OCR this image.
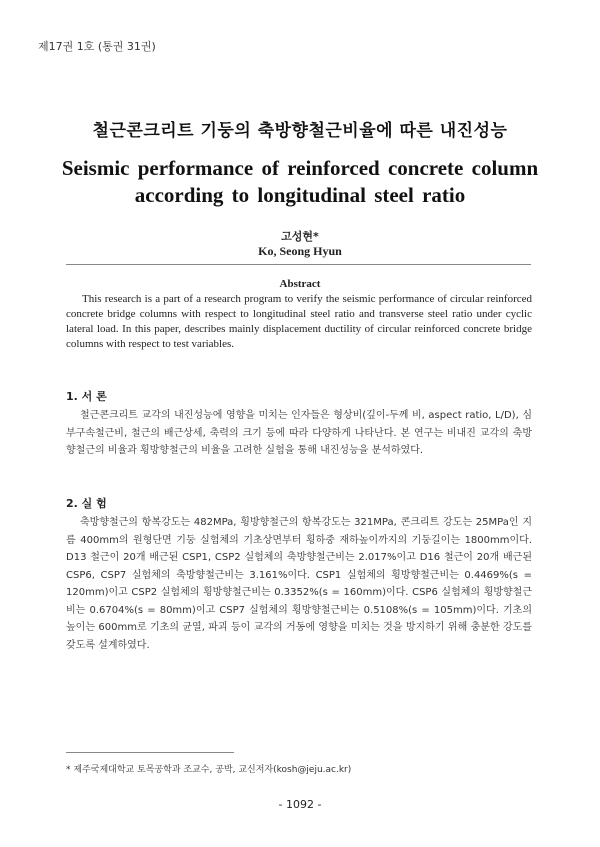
제17권 1호 (통권 31권)
철근콘크리트 기둥의 축방향철근비율에 따른 내진성능
Seismic performance of reinforced concrete column
according to longitudinal steel ratio
고성현*
Ko, Seong Hyun
Abstract
This research is a part of a research program to verify the seismic performance of circular reinforced concrete bridge columns with respect to longitudinal steel ratio and transverse steel ratio under cyclic lateral load. In this paper, describes mainly displacement ductility of circular reinforced concrete bridge columns with respect to test variables.
1. 서 론

철근콘크리트 교각의 내진성능에 영향을 미치는 인자들은 형상비(깊이-두께 비, aspect ratio, L/D), 심부구속철근비, 철근의 배근상세, 축력의 크기 등에 따라 다양하게 나타난다. 본 연구는 비내진 교각의 축방향철근의 비율과 횡방향철근의 비율을 고려한 실험을 통해 내진성능을 분석하였다.

2. 실 험

축방향철근의 항복강도는 482MPa, 횡방향철근의 항복강도는 321MPa, 콘크리트 강도는 25MPa인 지름 400mm의 원형단면 기둥 실험체의 기초상면부터 횡하중 재하높이까지의 기둥길이는 1800mm이다. D13 철근이 20개 배근된 CSP1, CSP2 실험체의 축방향철근비는 2.017%이고 D16 철근이 20개 배근된 CSP6, CSP7 실험체의 축방향철근비는 3.161%이다. CSP1 실험체의 횡방향철근비는 0.4469%(s = 120mm)이고 CSP2 실험체의 횡방향철근비는 0.3352%(s = 160mm)이다. CSP6 실험체의 횡방향철근비는 0.6704%(s = 80mm)이고 CSP7 실험체의 횡방향철근비는 0.5108%(s = 105mm)이다. 기초의 높이는 600mm로 기초의 균열, 파괴 등이 교각의 거동에 영향을 미치는 것을 방지하기 위해 충분한 강도를 갖도록 설계하였다.

* 제주국제대학교 토목공학과 조교수, 공박, 교신저자(kosh@jeju.ac.kr)
- 1092 -
